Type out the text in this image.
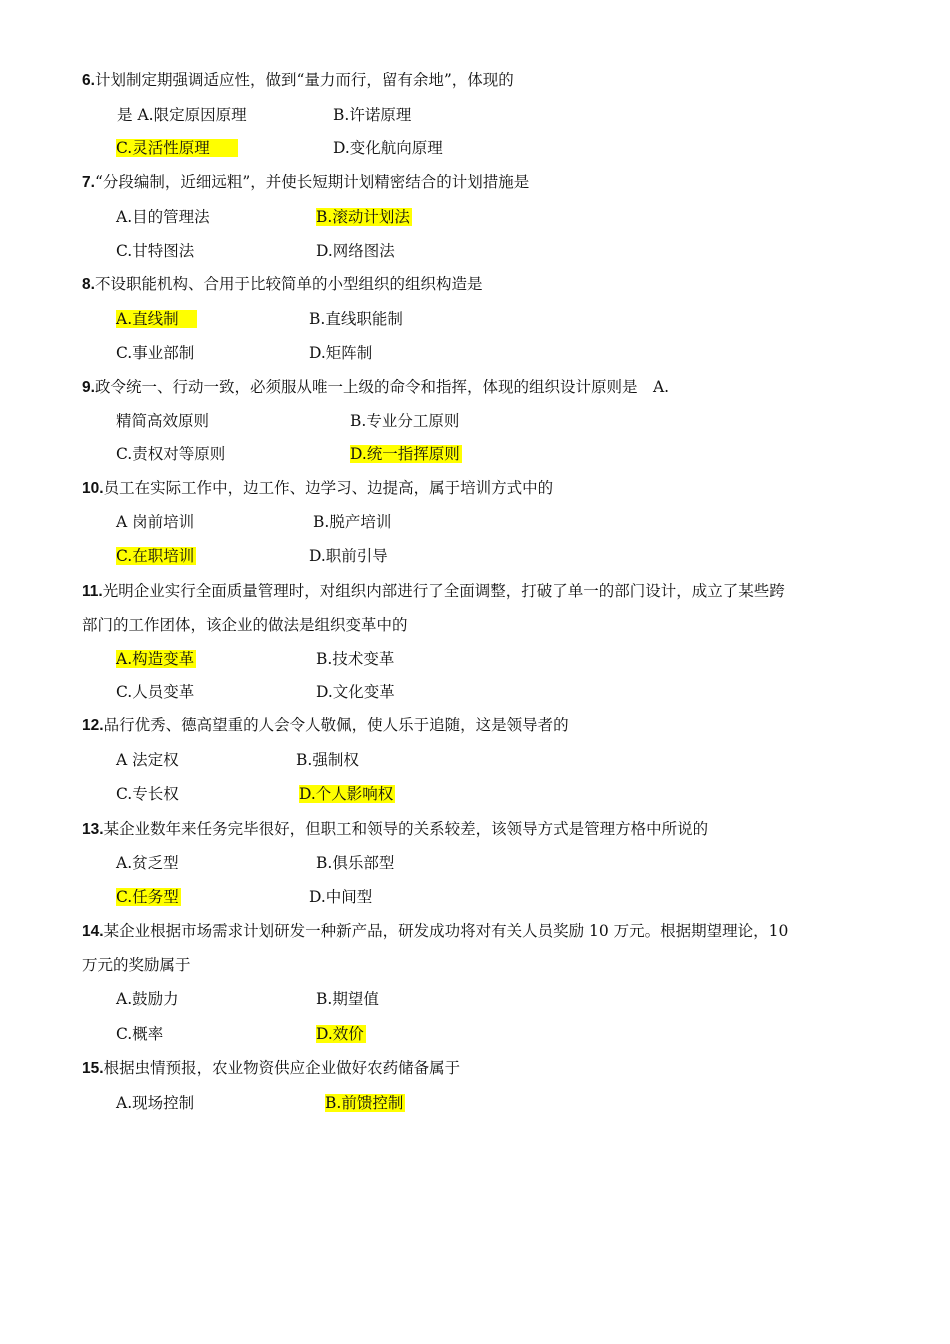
6.计划制定期强调适应性，做到“量力而行，留有余地”，体现的
是 A.限定原因原理	B.许诺原理
C.灵活性原理	D.变化航向原理
7.“分段编制，近细远粗”，并使长短期计划精密结合的计划措施是
A.目的管理法	B.滚动计划法
C.甘特图法	D.网络图法
8.不设职能机构、合用于比较简单的小型组织的组织构造是
A.直线制	B.直线职能制
C.事业部制	D.矩阵制
9.政令统一、行动一致，必须服从唯一上级的命令和指挥，体现的组织设计原则是　A.
精简高效原则	B.专业分工原则
C.责权对等原则	D.统一指挥原则
10.员工在实际工作中，边工作、边学习、边提高，属于培训方式中的
A 岗前培训	B.脱产培训
C.在职培训	D.职前引导
11.光明企业实行全面质量管理时，对组织内部进行了全面调整，打破了单一的部门设计，成立了某些跨
部门的工作团体，该企业的做法是组织变革中的
A.构造变革	B.技术变革
C.人员变革	D.文化变革
12.品行优秀、德高望重的人会令人敬佩，使人乐于追随，这是领导者的
A 法定权	B.强制权
C.专长权	D.个人影响权
13.某企业数年来任务完毕很好，但职工和领导的关系较差，该领导方式是管理方格中所说的
A.贫乏型	B.俱乐部型
C.任务型	D.中间型
14.某企业根据市场需求计划研发一种新产品，研发成功将对有关人员奖励 10 万元。根据期望理论，10
万元的奖励属于
A.鼓励力	B.期望值
C.概率	D.效价
15.根据虫情预报，农业物资供应企业做好农药储备属于
A.现场控制	B.前馈控制
